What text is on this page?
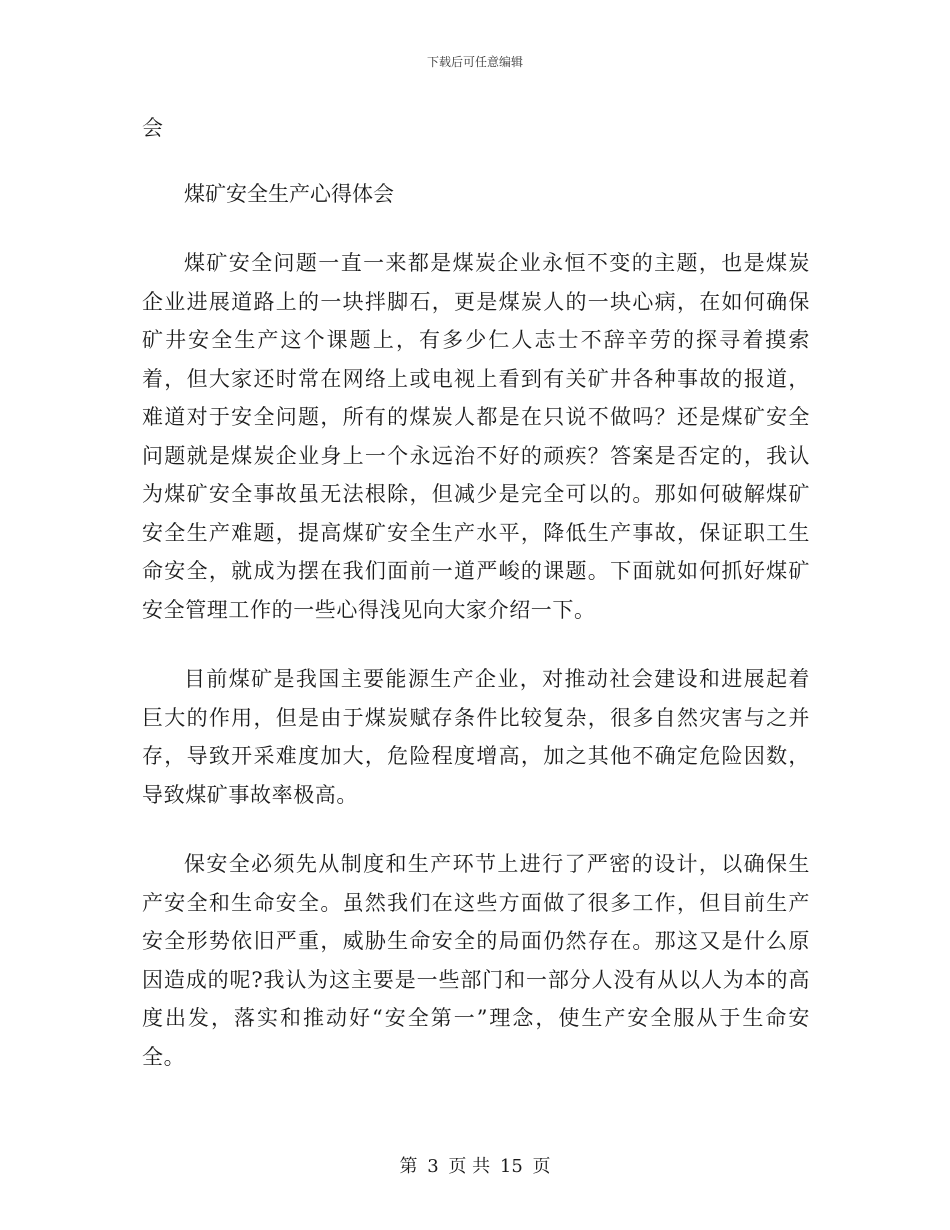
下载后可任意编辑

会

煤矿安全生产心得体会

煤矿安全问题一直一来都是煤炭企业永恒不变的主题，也是煤炭企业进展道路上的一块拌脚石，更是煤炭人的一块心病，在如何确保矿井安全生产这个课题上，有多少仁人志士不辞辛劳的探寻着摸索着，但大家还时常在网络上或电视上看到有关矿井各种事故的报道，难道对于安全问题，所有的煤炭人都是在只说不做吗？还是煤矿安全问题就是煤炭企业身上一个永远治不好的顽疾？答案是否定的，我认为煤矿安全事故虽无法根除，但减少是完全可以的。那如何破解煤矿安全生产难题，提高煤矿安全生产水平，降低生产事故，保证职工生命安全，就成为摆在我们面前一道严峻的课题。下面就如何抓好煤矿安全管理工作的一些心得浅见向大家介绍一下。

目前煤矿是我国主要能源生产企业，对推动社会建设和进展起着巨大的作用，但是由于煤炭赋存条件比较复杂，很多自然灾害与之并存，导致开采难度加大，危险程度增高，加之其他不确定危险因数，导致煤矿事故率极高。

保安全必须先从制度和生产环节上进行了严密的设计，以确保生产安全和生命安全。虽然我们在这些方面做了很多工作，但目前生产安全形势依旧严重，威胁生命安全的局面仍然存在。那这又是什么原因造成的呢?我认为这主要是一些部门和一部分人没有从以人为本的高度出发，落实和推动好“安全第一”理念，使生产安全服从于生命安全。

第 3 页 共 15 页
